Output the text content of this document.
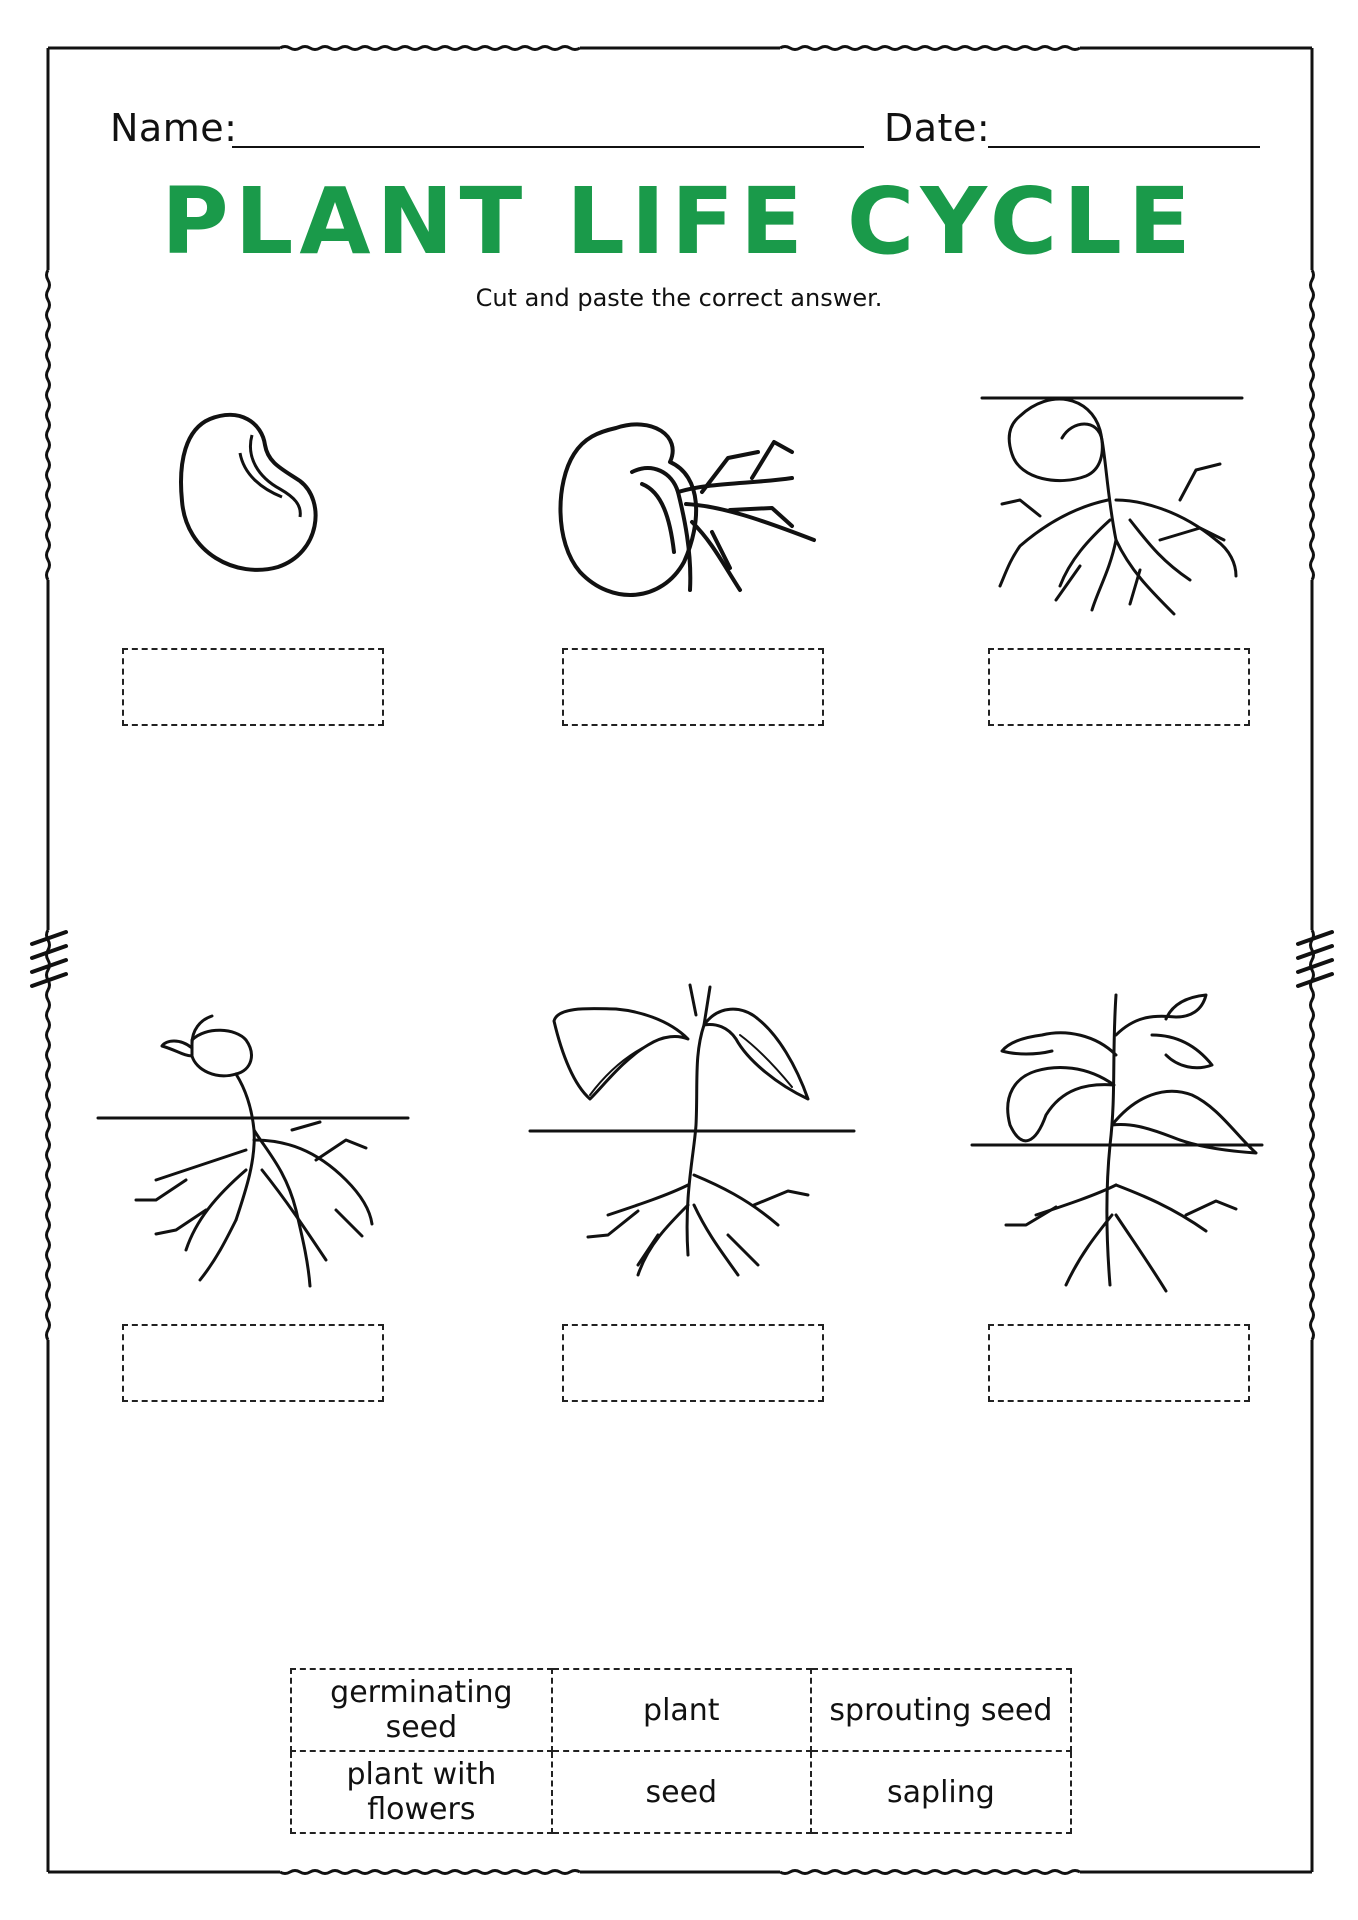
Name:	Date:
PLANT LIFE CYCLE
Cut and paste the correct answer.
germinating seed	plant	sprouting seed
plant with flowers	seed	sapling
